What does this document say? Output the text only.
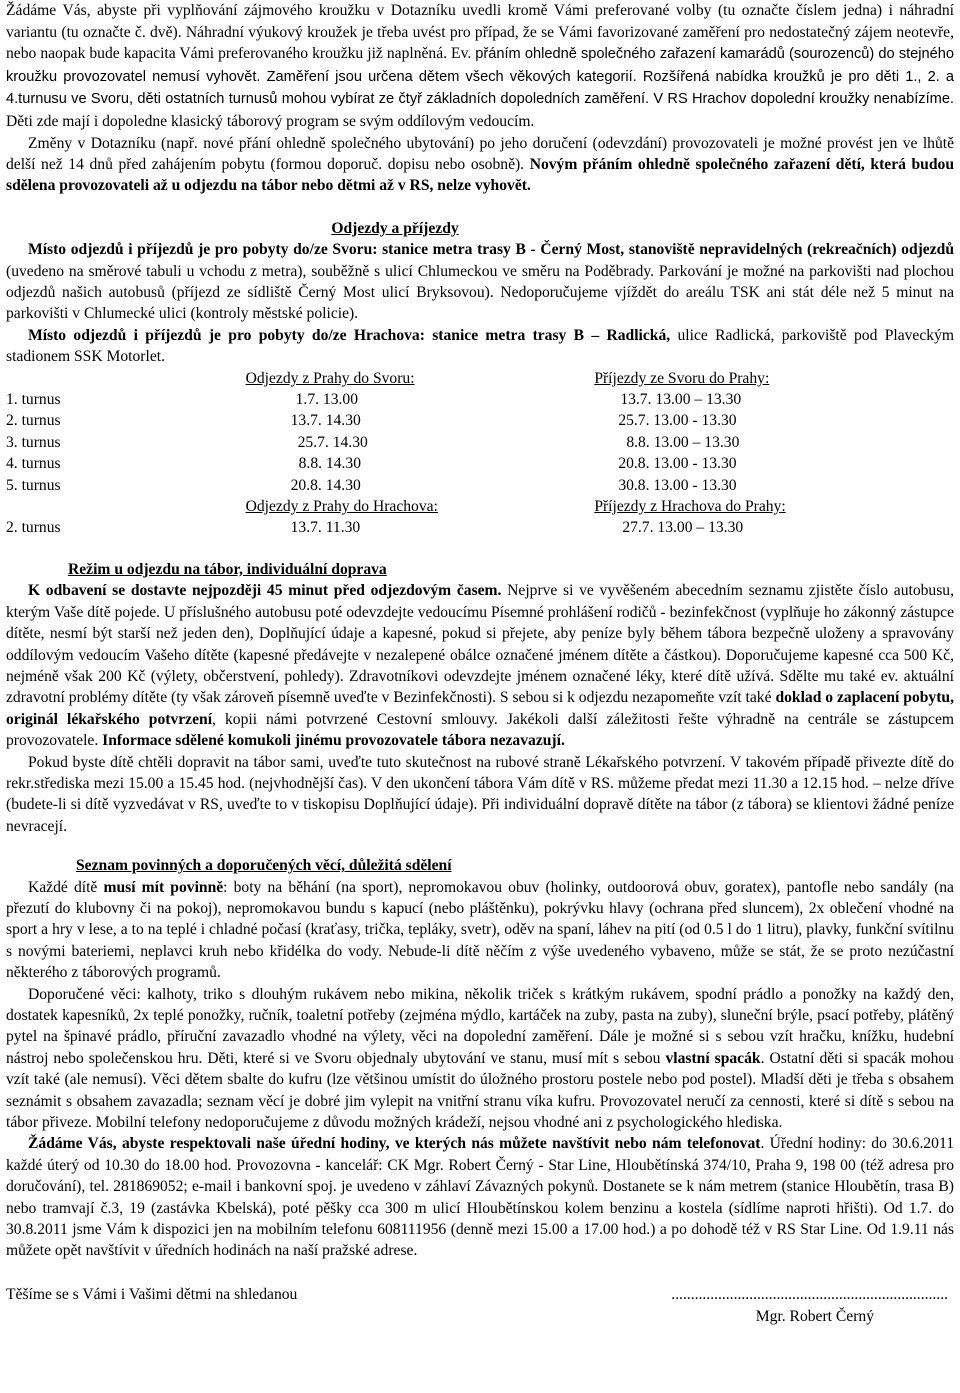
Žádáme Vás, abyste při vyplňování zájmového kroužku v Dotazníku uvedli kromě Vámi preferované volby (tu označte číslem jedna) i náhradní variantu (tu označte č. dvě). Náhradní výukový kroužek je třeba uvést pro případ, že se Vámi favorizované zaměření pro nedostatečný zájem neotevře, nebo naopak bude kapacita Vámi preferovaného kroužku již naplněná. Ev. přáním ohledně společného zařazení kamarádů (sourozenců) do stejného kroužku provozovatel nemusí vyhovět. Zaměření jsou určena dětem všech věkových kategorií. Rozšířená nabídka kroužků je pro děti 1., 2. a 4.turnusu ve Svoru, děti ostatních turnusů mohou vybírat ze čtyř základních dopoledních zaměření. V RS Hrachov dopolední kroužky nenabízíme. Děti zde mají i dopoledne klasický táborový program se svým oddílovým vedoucím.

Změny v Dotazníku (např. nové přání ohledně společného ubytování) po jeho doručení (odevzdání) provozovateli je možné provést jen ve lhůtě delší než 14 dnů před zahájením pobytu (formou doporuč. dopisu nebo osobně). Novým přáním ohledně společného zařazení dětí, která budou sdělena provozovateli až u odjezdu na tábor nebo dětmi až v RS, nelze vyhovět.

Odjezdy a příjezdy

Místo odjezdů i příjezdů je pro pobyty do/ze Svoru: stanice metra trasy B - Černý Most, stanoviště nepravidelných (rekreačních) odjezdů (uvedeno na směrové tabuli u vchodu z metra), souběžně s ulicí Chlumeckou ve směru na Poděbrady. Parkování je možné na parkovišti nad plochou odjezdů našich autobusů (příjezd ze sídliště Černý Most ulicí Bryksovou). Nedoporučujeme vjíždět do areálu TSK ani stát déle než 5 minut na parkovišti v Chlumecké ulici (kontroly městské policie).

Místo odjezdů i příjezdů je pro pobyty do/ze Hrachova: stanice metra trasy B – Radlická, ulice Radlická, parkoviště pod Plaveckým stadionem SSK Motorlet.

	Odjezdy z Prahy do Svoru:	Příjezdy ze Svoru do Prahy:
1. turnus	1.7. 13.00	13.7. 13.00 – 13.30
2. turnus	13.7. 14.30	25.7. 13.00 - 13.30
3. turnus	25.7. 14.30	8.8. 13.00 – 13.30
4. turnus	8.8. 14.30	20.8. 13.00 - 13.30
5. turnus	20.8. 14.30	30.8. 13.00 - 13.30
	Odjezdy z Prahy do Hrachova:	Příjezdy z Hrachova do Prahy:
2. turnus	13.7. 11.30	27.7. 13.00 – 13.30

Režim u odjezdu na tábor, individuální doprava

K odbavení se dostavte nejpozději 45 minut před odjezdovým časem. Nejprve si ve vyvěšeném abecedním seznamu zjistěte číslo autobusu, kterým Vaše dítě pojede. U příslušného autobusu poté odevzdejte vedoucímu Písemné prohlášení rodičů - bezinfekčnost (vyplňuje ho zákonný zástupce dítěte, nesmí být starší než jeden den), Doplňující údaje a kapesné, pokud si přejete, aby peníze byly během tábora bezpečně uloženy a spravovány oddílovým vedoucím Vašeho dítěte (kapesné předávejte v nezalepené obálce označené jménem dítěte a částkou). Doporučujeme kapesné cca 500 Kč, nejméně však 200 Kč (výlety, občerstvení, pohledy). Zdravotníkovi odevzdejte jménem označené léky, které dítě užívá. Sdělte mu také ev. aktuální zdravotní problémy dítěte (ty však zároveň písemně uveďte v Bezinfekčnosti). S sebou si k odjezdu nezapomeňte vzít také doklad o zaplacení pobytu, originál lékařského potvrzení, kopii námi potvrzené Cestovní smlouvy. Jakékoli další záležitosti řešte výhradně na centrále se zástupcem provozovatele. Informace sdělené komukoli jinému provozovatele tábora nezavazují.

Pokud byste dítě chtěli dopravit na tábor sami, uveďte tuto skutečnost na rubové straně Lékařského potvrzení. V takovém případě přivezte dítě do rekr.střediska mezi 15.00 a 15.45 hod. (nejvhodnější čas). V den ukončení tábora Vám dítě v RS. můžeme předat mezi 11.30 a 12.15 hod. – nelze dříve (budete-li si dítě vyzvedávat v RS, uveďte to v tiskopisu Doplňující údaje). Při individuální dopravě dítěte na tábor (z tábora) se klientovi žádné peníze nevracejí.

Seznam povinných a doporučených věcí, důležitá sdělení

Každé dítě musí mít povinně: boty na běhání (na sport), nepromokavou obuv (holinky, outdoorová obuv, goratex), pantofle nebo sandály (na přezutí do klubovny či na pokoj), nepromokavou bundu s kapucí (nebo pláštěnku), pokrývku hlavy (ochrana před sluncem), 2x oblečení vhodné na sport a hry v lese, a to na teplé i chladné počasí (kraťasy, trička, tepláky, svetr), oděv na spaní, láhev na pití (od 0.5 l do 1 litru), plavky, funkční svítilnu s novými bateriemi, neplavci kruh nebo křidélka do vody. Nebude-li dítě něčím z výše uvedeného vybaveno, může se stát, že se proto nezúčastní některého z táborových programů.

Doporučené věci: kalhoty, triko s dlouhým rukávem nebo mikina, několik triček s krátkým rukávem, spodní prádlo a ponožky na každý den, dostatek kapesníků, 2x teplé ponožky, ručník, toaletní potřeby (zejména mýdlo, kartáček na zuby, pasta na zuby), sluneční brýle, psací potřeby, plátěný pytel na špinavé prádlo, příruční zavazadlo vhodné na výlety, věci na dopolední zaměření. Dále je možné si s sebou vzít hračku, knížku, hudební nástroj nebo společenskou hru. Děti, které si ve Svoru objednaly ubytování ve stanu, musí mít s sebou vlastní spacák. Ostatní děti si spacák mohou vzít také (ale nemusí). Věci dětem sbalte do kufru (lze většinou umístit do úložného prostoru postele nebo pod postel). Mladší děti je třeba s obsahem seznámit s obsahem zavazadla; seznam věcí je dobré jim vylepit na vnitřní stranu víka kufru. Provozovatel neručí za cennosti, které si dítě s sebou na tábor přiveze. Mobilní telefony nedoporučujeme z důvodu možných krádeží, nejsou vhodné ani z psychologického hlediska.

Žádáme Vás, abyste respektovali naše úřední hodiny, ve kterých nás můžete navštívit nebo nám telefonovat. Úřední hodiny: do 30.6.2011 každé úterý od 10.30 do 18.00 hod. Provozovna - kancelář: CK Mgr. Robert Černý - Star Line, Hloubětínská 374/10, Praha 9, 198 00 (též adresa pro doručování), tel. 281869052; e-mail i bankovní spoj. je uvedeno v záhlaví Závazných pokynů. Dostanete se k nám metrem (stanice Hloubětín, trasa B) nebo tramvají č.3, 19 (zastávka Kbelská), poté pěšky cca 300 m ulicí Hloubětínskou kolem benzinu a kostela (sídlíme naproti hřišti). Od 1.7. do 30.8.2011 jsme Vám k dispozici jen na mobilním telefonu 608111956 (denně mezi 15.00 a 17.00 hod.) a po dohodě též v RS Star Line. Od 1.9.11 nás můžete opět navštívit v úředních hodinách na naší pražské adrese.

Těšíme se s Vámi i Vašimi dětmi na shledanou	.......................................................................
Mgr. Robert Černý
